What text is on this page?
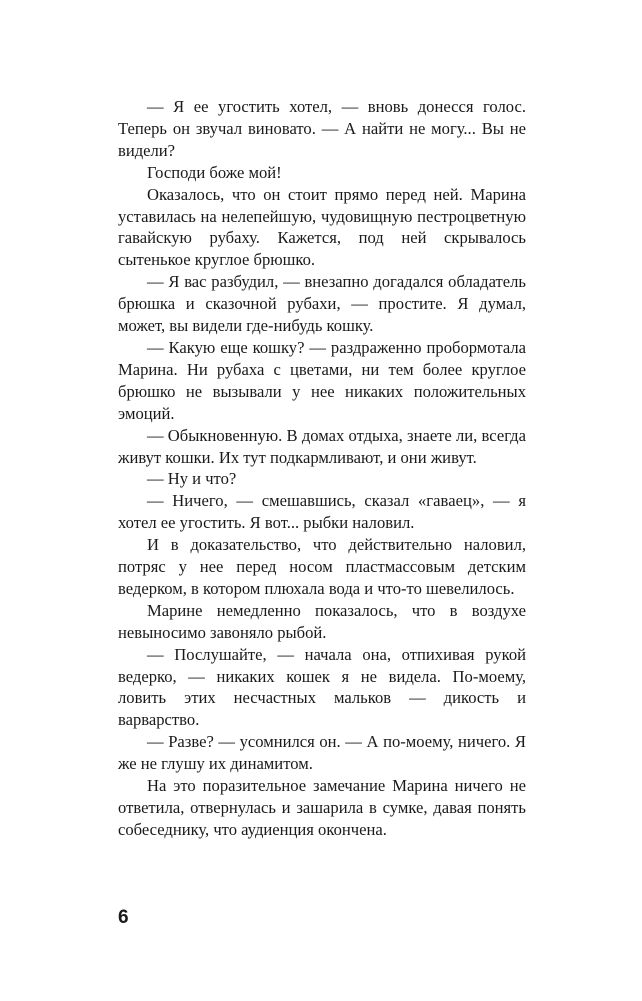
— Я ее угостить хотел, — вновь донесся голос. Теперь он звучал виновато. — А найти не могу... Вы не видели?

Господи боже мой!

Оказалось, что он стоит прямо перед ней. Марина уставилась на нелепейшую, чудовищную пестроцветную гавайскую рубаху. Кажется, под ней скрывалось сытенькое круглое брюшко.

— Я вас разбудил, — внезапно догадался обладатель брюшка и сказочной рубахи, — простите. Я думал, может, вы видели где-нибудь кошку.

— Какую еще кошку? — раздраженно пробормотала Марина. Ни рубаха с цветами, ни тем более круглое брюшко не вызывали у нее никаких положительных эмоций.

— Обыкновенную. В домах отдыха, знаете ли, всегда живут кошки. Их тут подкармливают, и они живут.

— Ну и что?

— Ничего, — смешавшись, сказал «гавaец», — я хотел ее угостить. Я вот... рыбки наловил.

И в доказательство, что действительно наловил, потряс у нее перед носом пластмассовым детским ведерком, в котором плюхала вода и что-то шевелилось.

Марине немедленно показалось, что в воздухе невыносимо завоняло рыбой.

— Послушайте, — начала она, отпихивая рукой ведерко, — никаких кошек я не видела. По-моему, ловить этих несчастных мальков — дикость и варварство.

— Разве? — усомнился он. — А по-моему, ничего. Я же не глушу их динамитом.

На это поразительное замечание Марина ничего не ответила, отвернулась и зашарила в сумке, давая понять собеседнику, что аудиенция окончена.

6
